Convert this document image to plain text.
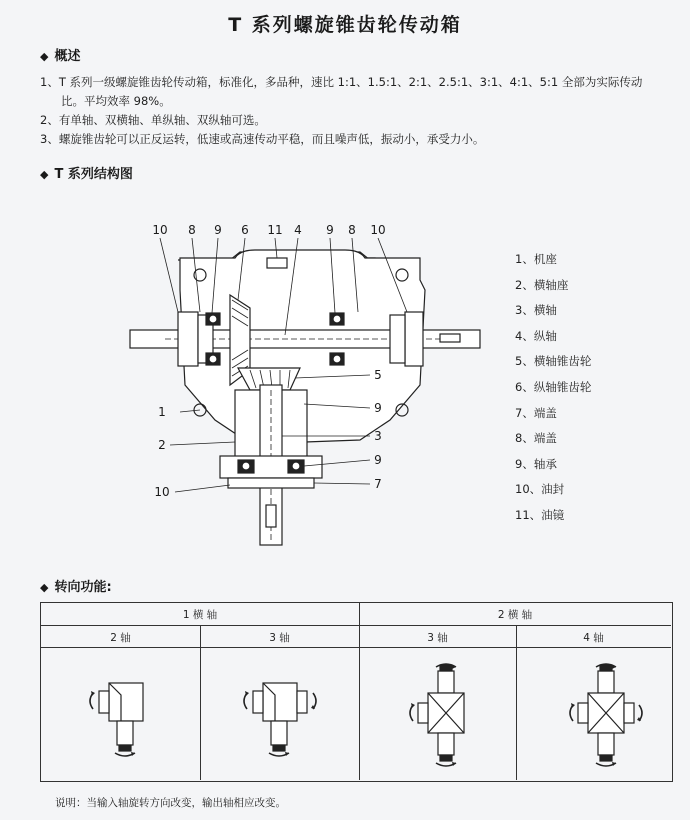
T 系列螺旋锥齿轮传动箱
◆ 概述
1、T 系列一级螺旋锥齿轮传动箱，标准化，多品种，速比 1:1、1.5:1、2:1、2.5:1、3:1、4:1、5:1 全部为实际传动
比。平均效率 98%。
2、有单轴、双横轴、单纵轴、双纵轴可选。
3、螺旋锥齿轮可以正反运转，低速或高速传动平稳，而且噪声低，振动小，承受力小。
◆ T 系列结构图
10 8 9 6 11 4 9 8 10
5
9
3
9
7
1
2
10
1、机座
2、横轴座
3、横轴
4、纵轴
5、横轴锥齿轮
6、纵轴锥齿轮
7、端盖
8、端盖
9、轴承
10、油封
11、油镜
◆ 转向功能:
1 横 轴	2 横 轴
2 轴	3 轴	3 轴	4 轴
说明：当输入轴旋转方向改变，输出轴相应改变。
